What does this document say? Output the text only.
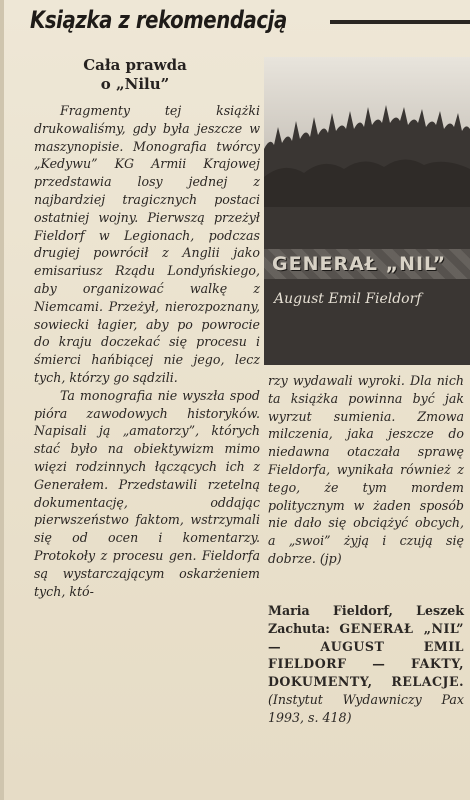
Ksiązka z rekomendacją
Cała prawda
o „Nilu”

Fragmenty tej książki drukowaliśmy, gdy była jeszcze w maszynopisie. Monografia twórcy „Kedywu” KG Armii Krajowej przedstawia losy jednej z najbardziej tragicznych postaci ostatniej wojny. Pierwszą przeżył Fieldorf w Legionach, podczas drugiej powrócił z Anglii jako emisariusz Rządu Londyńskiego, aby organizować walkę z Niemcami. Przeżył, nierozpoznany, sowiecki łagier, aby po powrocie do kraju doczekać się procesu i śmierci hańbiącej nie jego, lecz tych, którzy go sądzili.

Ta monografia nie wyszła spod pióra zawodowych historyków. Napisali ją „amatorzy”, których stać było na obiektywizm mimo więzi rodzinnych łączących ich z Generałem. Przedstawili rzetelną dokumentację, oddając pierwszeństwo faktom, wstrzymali się od ocen i komentarzy. Protokoły z procesu gen. Fieldorfa są wystarczającym oskarżeniem tych, któ-

GENERAŁ „NIL”
August Emil Fieldorf

rzy wydawali wyroki. Dla nich ta książka powinna być jak wyrzut sumienia. Zmowa milczenia, jaka jeszcze do niedawna otaczała sprawę Fieldorfa, wynikała również z tego, że tym mordem politycznym w żaden sposób nie dało się obciążyć obcych, a „swoi” żyją i czują się dobrze. (jp)

Maria Fieldorf, Leszek Zachuta: GENERAŁ „NIL” — AUGUST EMIL FIELDORF — FAKTY, DOKUMENTY, RELACJE. (Instytut Wydawniczy Pax 1993, s. 418)
